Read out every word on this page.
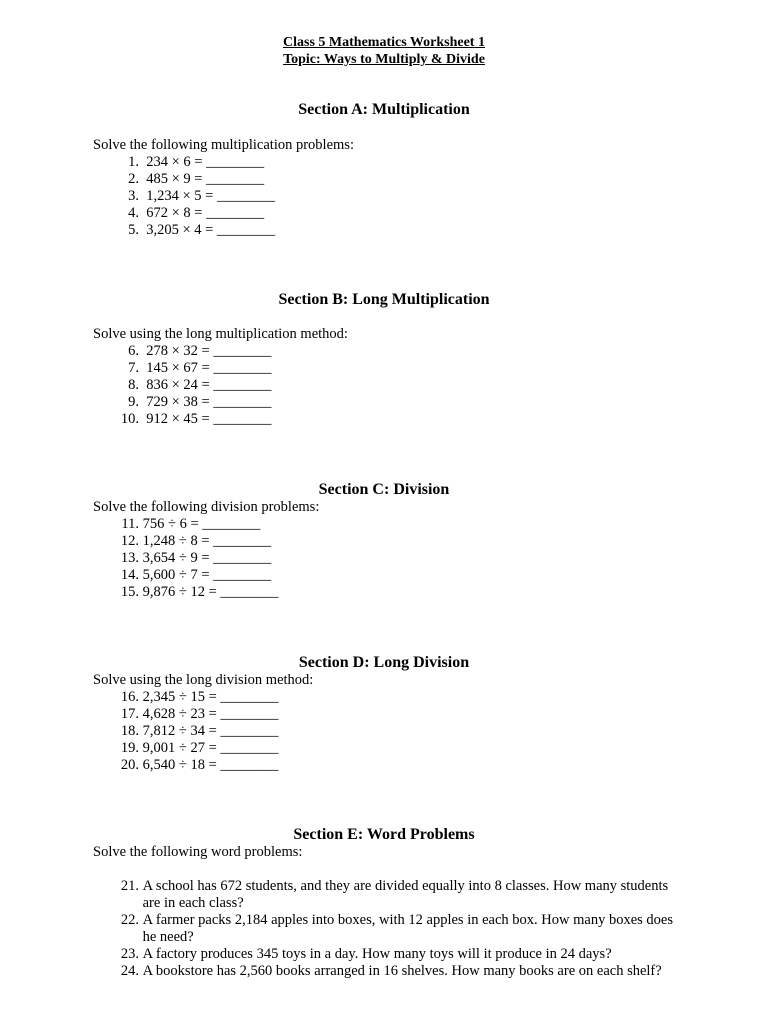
Class 5 Mathematics Worksheet 1
Topic: Ways to Multiply & Divide
Section A: Multiplication
Solve the following multiplication problems:
1.
234 × 6 = ________
2.
485 × 9 = ________
3.
1,234 × 5 = ________
4.
672 × 8 = ________
5.
3,205 × 4 = ________
Section B: Long Multiplication
Solve using the long multiplication method:
6.
278 × 32 = ________
7.
145 × 67 = ________
8.
836 × 24 = ________
9.
729 × 38 = ________
10.
912 × 45 = ________
Section C: Division
Solve the following division problems:
11.
756 ÷ 6 = ________
12.
1,248 ÷ 8 = ________
13.
3,654 ÷ 9 = ________
14.
5,600 ÷ 7 = ________
15.
9,876 ÷ 12 = ________
Section D: Long Division
Solve using the long division method:
16.
2,345 ÷ 15 = ________
17.
4,628 ÷ 23 = ________
18.
7,812 ÷ 34 = ________
19.
9,001 ÷ 27 = ________
20.
6,540 ÷ 18 = ________
Section E: Word Problems
Solve the following word problems:
21.
A school has 672 students, and they are divided equally into 8 classes. How many students are in each class?
22.
A farmer packs 2,184 apples into boxes, with 12 apples in each box. How many boxes does he need?
23.
A factory produces 345 toys in a day. How many toys will it produce in 24 days?
24.
A bookstore has 2,560 books arranged in 16 shelves. How many books are on each shelf?
